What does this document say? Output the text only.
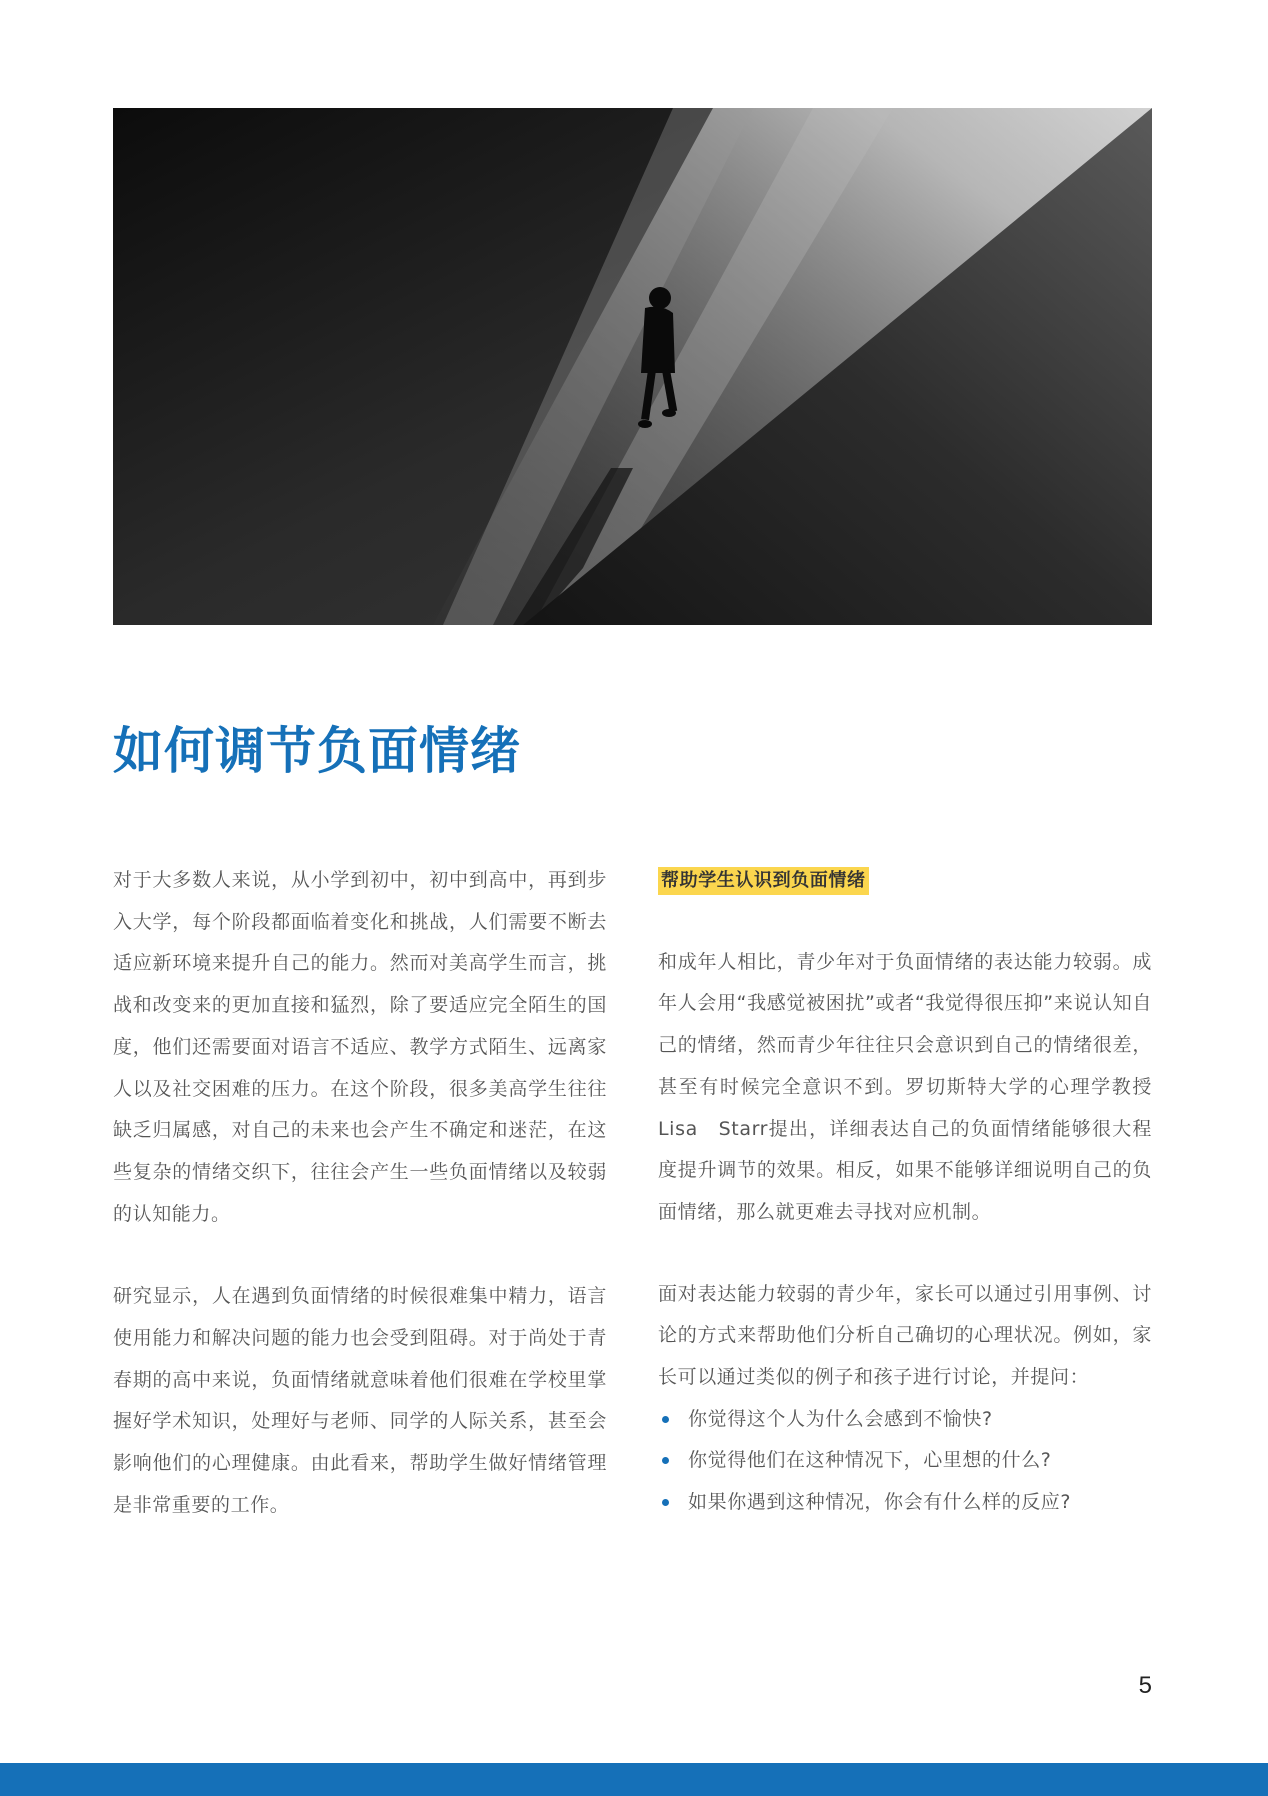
如何调节负面情绪

对于大多数人来说，从小学到初中，初中到高中，再到步入大学，每个阶段都面临着变化和挑战，人们需要不断去适应新环境来提升自己的能力。然而对美高学生而言，挑战和改变来的更加直接和猛烈，除了要适应完全陌生的国度，他们还需要面对语言不适应、教学方式陌生、远离家人以及社交困难的压力。在这个阶段，很多美高学生往往缺乏归属感，对自己的未来也会产生不确定和迷茫，在这些复杂的情绪交织下，往往会产生一些负面情绪以及较弱的认知能力。

研究显示，人在遇到负面情绪的时候很难集中精力，语言使用能力和解决问题的能力也会受到阻碍。对于尚处于青春期的高中来说，负面情绪就意味着他们很难在学校里掌握好学术知识，处理好与老师、同学的人际关系，甚至会影响他们的心理健康。由此看来，帮助学生做好情绪管理是非常重要的工作。

帮助学生认识到负面情绪

和成年人相比，青少年对于负面情绪的表达能力较弱。成年人会用“我感觉被困扰”或者“我觉得很压抑”来说认知自己的情绪，然而青少年往往只会意识到自己的情绪很差，甚至有时候完全意识不到。罗切斯特大学的心理学教授Lisa　Starr提出，详细表达自己的负面情绪能够很大程度提升调节的效果。相反，如果不能够详细说明自己的负面情绪，那么就更难去寻找对应机制。

面对表达能力较弱的青少年，家长可以通过引用事例、讨论的方式来帮助他们分析自己确切的心理状况。例如，家长可以通过类似的例子和孩子进行讨论，并提问：

你觉得这个人为什么会感到不愉快?
你觉得他们在这种情况下，心里想的什么?
如果你遇到这种情况，你会有什么样的反应?
5
